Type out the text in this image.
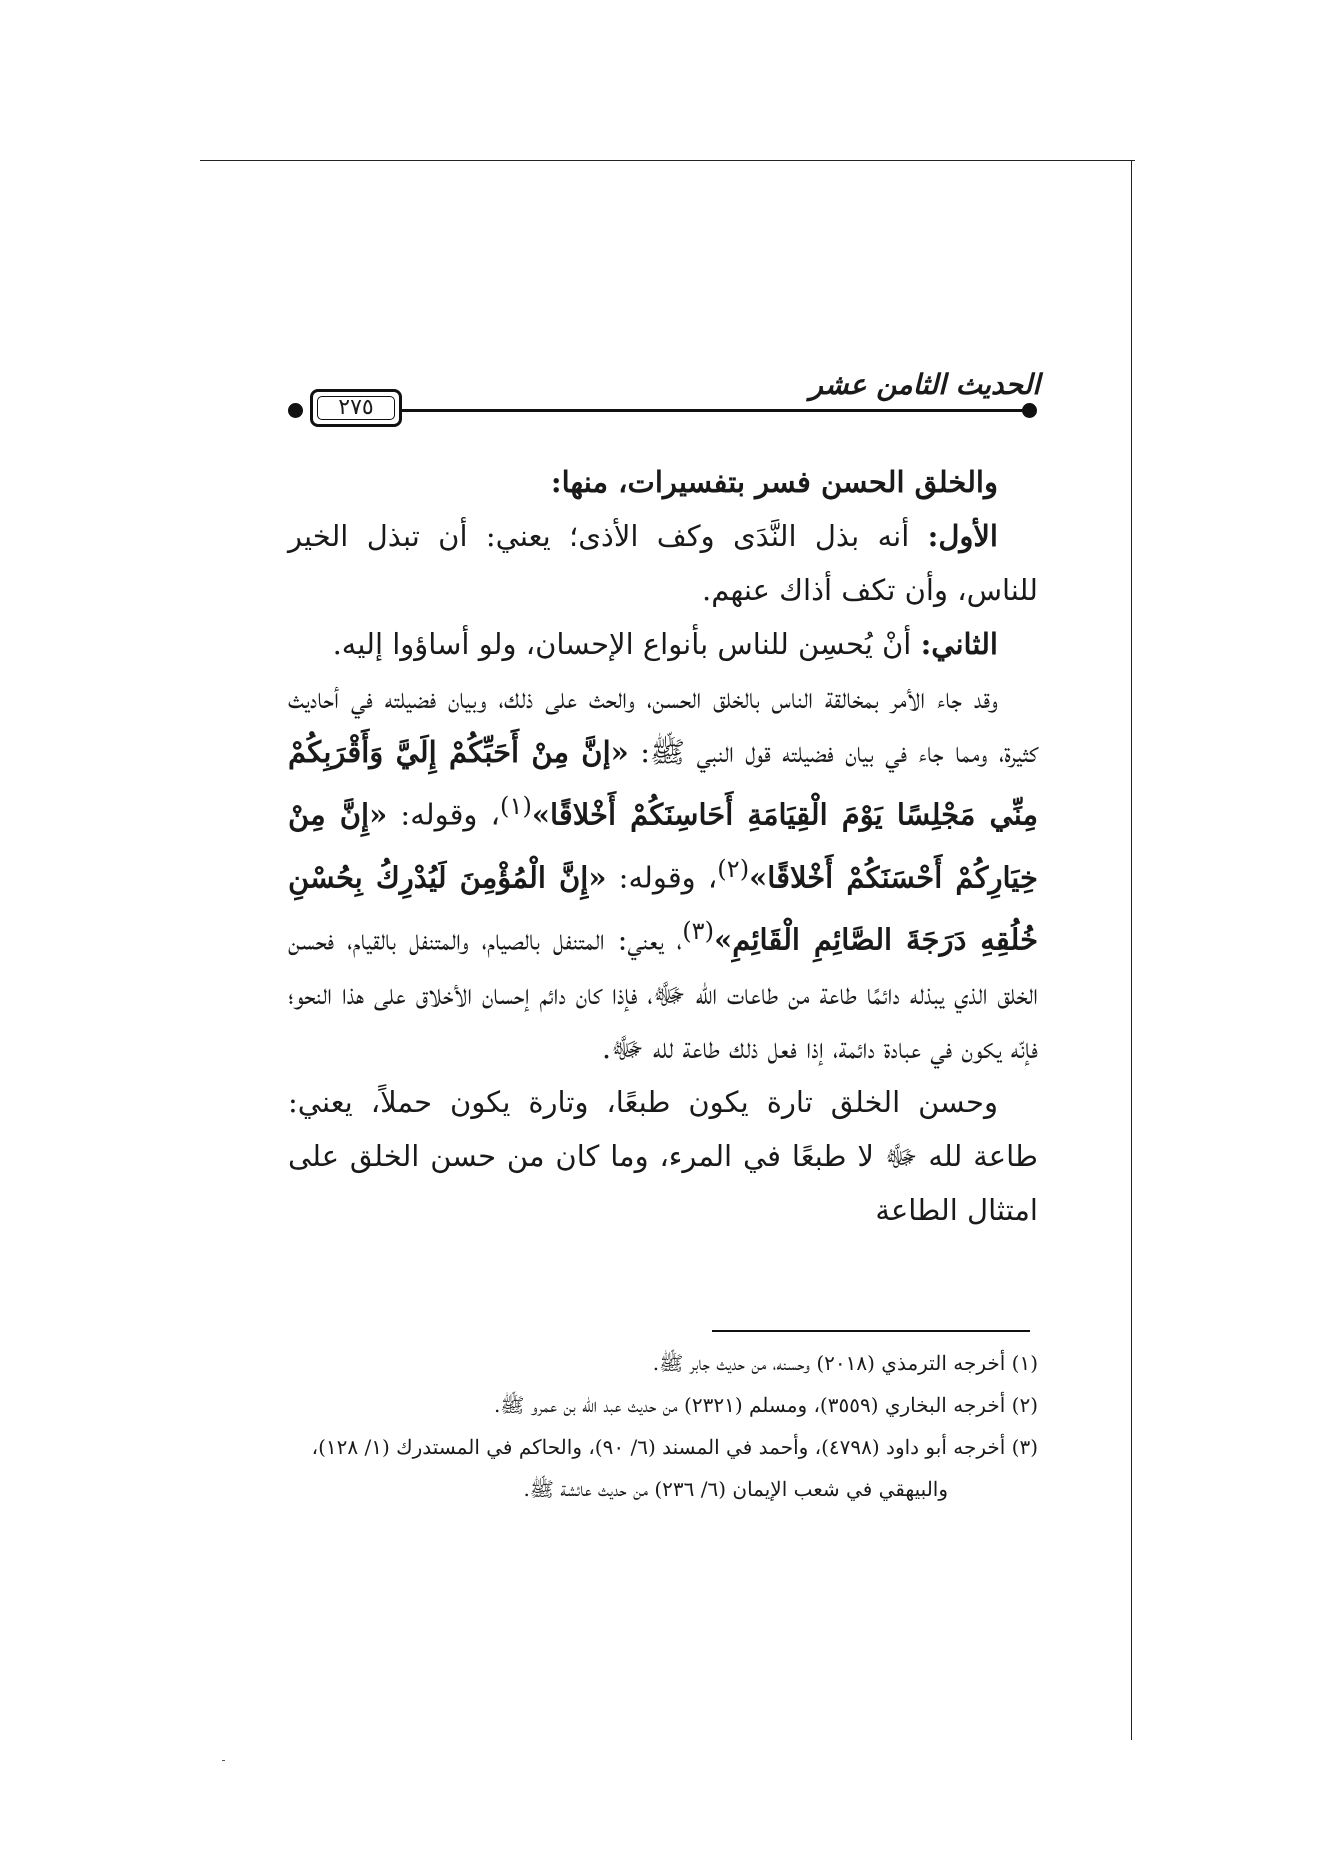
٢٧٥
الحديث الثامن عشر

والخلق الحسن فسر بتفسيرات، منها:

الأول: أنه بذل النَّدَى وكف الأذى؛ يعني: أن تبذل الخير للناس، وأن تكف أذاك عنهم.

الثاني: أنْ يُحسِن للناس بأنواع الإحسان، ولو أساؤوا إليه.

وقد جاء الأمر بمخالقة الناس بالخلق الحسن، والحث على ذلك، وبيان فضيلته في أحاديث كثيرة، ومما جاء في بيان فضيلته قول النبي ﷺ: «إنَّ مِنْ أَحَبِّكُمْ إِلَيَّ وَأَقْرَبِكُمْ مِنِّي مَجْلِسًا يَوْمَ الْقِيَامَةِ أَحَاسِنَكُمْ أَخْلاقًا»$^{(١)}$، وقوله: «إِنَّ مِنْ خِيَارِكُمْ أَحْسَنَكُمْ أَخْلاقًا»$^{(٢)}$، وقوله: «إِنَّ الْمُؤْمِنَ لَيُدْرِكُ بِحُسْنِ خُلُقِهِ دَرَجَةَ الصَّائِمِ الْقَائِمِ»$^{(٣)}$، يعني: المتنفل بالصيام، والمتنفل بالقيام، فحسن الخلق الذي يبذله دائمًا طاعة من طاعات الله ﷻ، فإذا كان دائم إحسان الأخلاق على هذا النحو؛ فإنّه يكون في عبادة دائمة، إذا فعل ذلك طاعة لله ﷻ.

وحسن الخلق تارة يكون طبعًا، وتارة يكون حملاً، يعني: طاعة لله ﷻ لا طبعًا في المرء، وما كان من حسن الخلق على امتثال الطاعة

(١) أخرجه الترمذي (٢٠١٨) وحسنه، من حديث جابر ﷺ.

(٢) أخرجه البخاري (٣٥٥٩)، ومسلم (٢٣٢١) من حديث عبد الله بن عمرو ﷺ.

(٣) أخرجه أبو داود (٤٧٩٨)، وأحمد في المسند (٦/ ٩٠)، والحاكم في المستدرك (١/ ١٢٨)،

والبيهقي في شعب الإيمان (٦/ ٢٣٦) من حديث عائشة ﷺ.
